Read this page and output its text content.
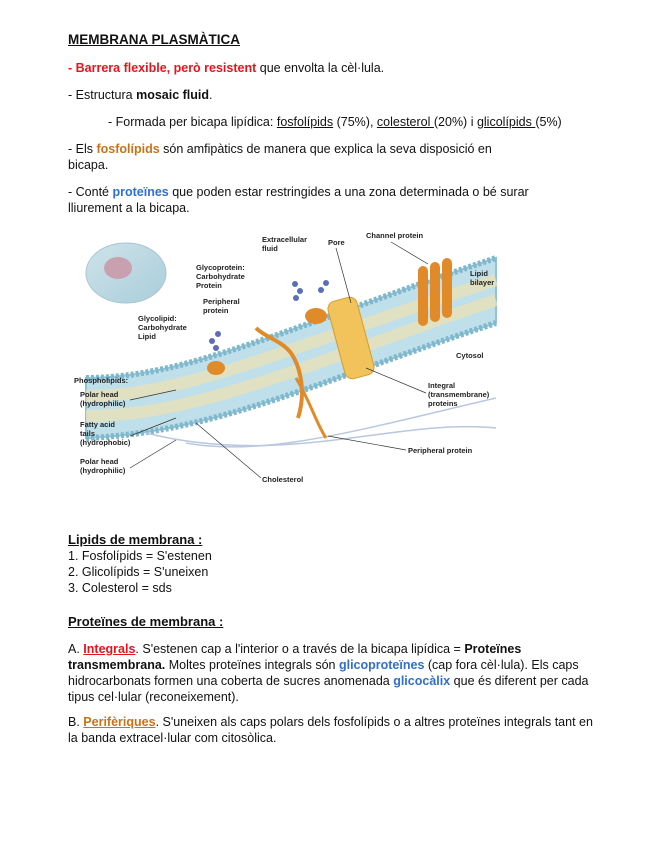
MEMBRANA PLASMÀTICA

- Barrera flexible, però resistent que envolta la cèl·lula.

- Estructura mosaic fluid.

- Formada per bicapa lipídica: fosfolípids (75%), colesterol (20%) i glicolípids (5%)

- Els fosfolípids són amfipàtics de manera que explica la seva disposició en
bicapa.

- Conté proteïnes que poden estar restringides a una zona determinada o bé surar
lliurement a la bicapa.

Extracellular
fluid
Pore
Channel protein
Glycoprotein:
Carbohydrate
Protein
Peripheral
protein
Glycolipid:
Carbohydrate
Lipid
Lipid
bilayer
Cytosol
Phospholipids:
Polar head
(hydrophilic)
Fatty acid
tails
(hydrophobic)
Polar head
(hydrophilic)
Integral
(transmembrane)
proteins
Peripheral protein
Cholesterol
Lipids de membrana :

1. Fosfolípids = S'estenen

2. Glicolípids = S'uneixen

3. Colesterol = sds

Proteïnes de membrana :

A. Integrals. S'estenen cap a l'interior o a través de la bicapa lipídica = Proteïnes
transmembrana. Moltes proteïnes integrals són glicoproteïnes (cap fora cèl·lula). Els caps
hidrocarbonats formen una coberta de sucres anomenada glicocàlix que és diferent per cada
tipus cel·lular (reconeixement).

B. Perifèriques. S'uneixen als caps polars dels fosfolípids o a altres proteïnes integrals tant en
la banda extracel·lular com citosòlica.
